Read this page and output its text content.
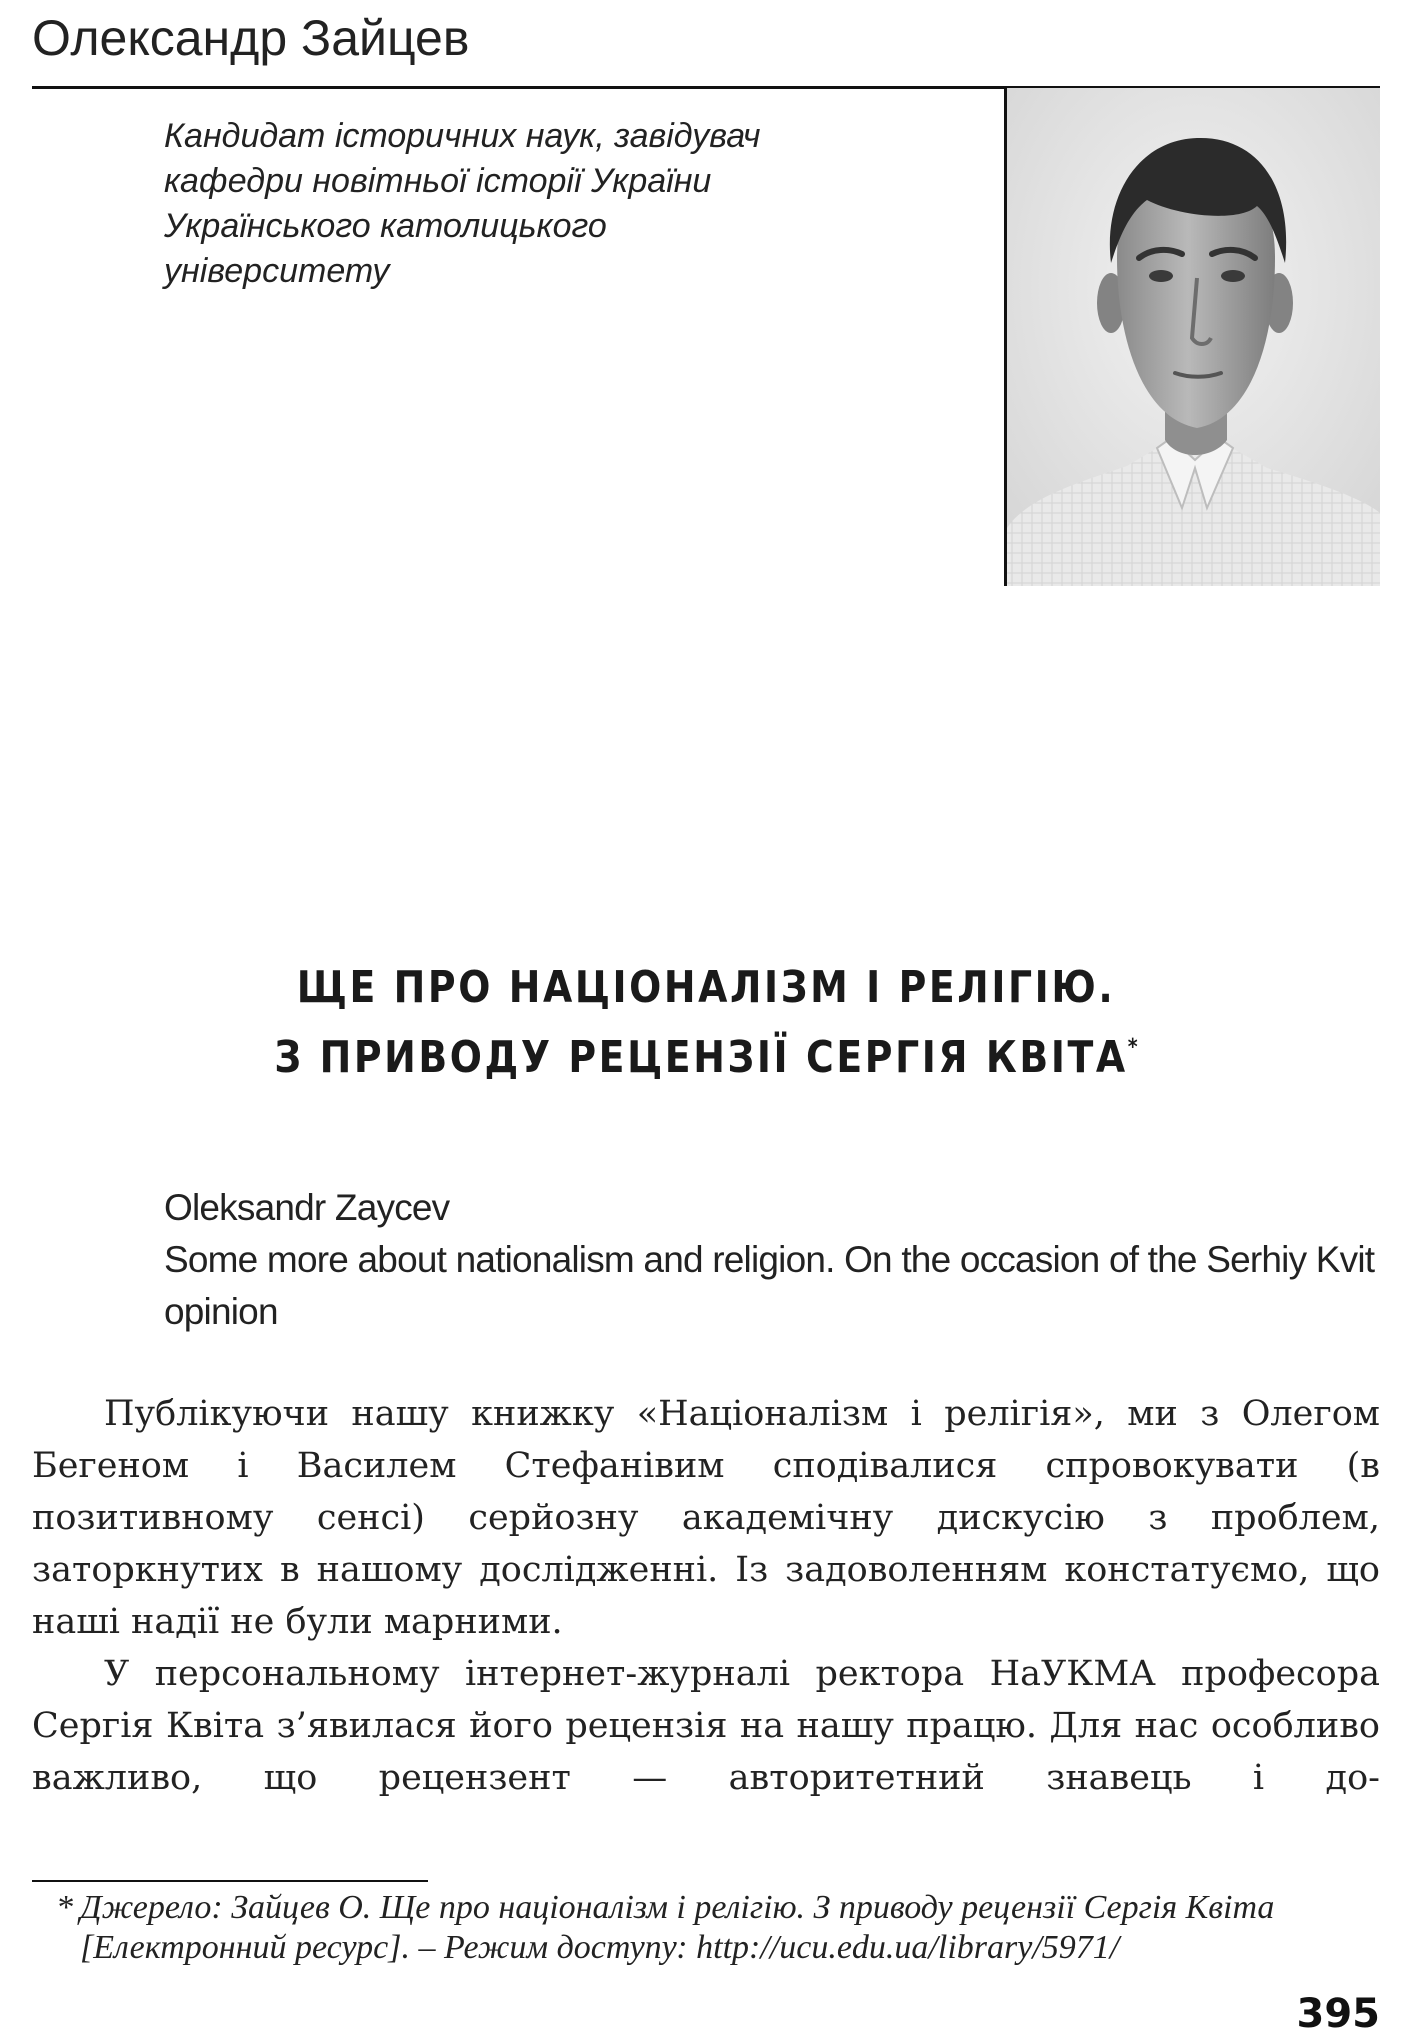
Олександр Зайцев
Кандидат історичних наук, завідувач
кафедри новітньої історії України
Українського католицького
університету
ЩЕ ПРО НАЦІОНАЛІЗМ І РЕЛІГІЮ.
З ПРИВОДУ РЕЦЕНЗІЇ СЕРГІЯ КВІТА*
Oleksandr Zaycev
Some more about nationalism and religion. On the occasion of the Serhiy Kvit opinion

Публікуючи нашу книжку «Націоналізм і релігія», ми з Олегом Бегеном і Василем Стефанівим сподівалися спровокувати (в позитивному сенсі) серйозну академічну дискусію з проблем, заторкнутих в нашому дослідженні. Із задоволенням констатуємо, що наші надії не були марними.

У персональному інтернет-журналі ректора НаУКМА професора Сергія Квіта з’явилася його рецензія на нашу працю. Для нас особливо важливо, що рецензент — авторитетний знавець і до-

* Джерело: Зайцев О. Ще про націоналізм і релігію. З приводу рецензії Сергія Квіта [Електронний ресурс]. – Режим доступу: http://ucu.edu.ua/library/5971/
395
